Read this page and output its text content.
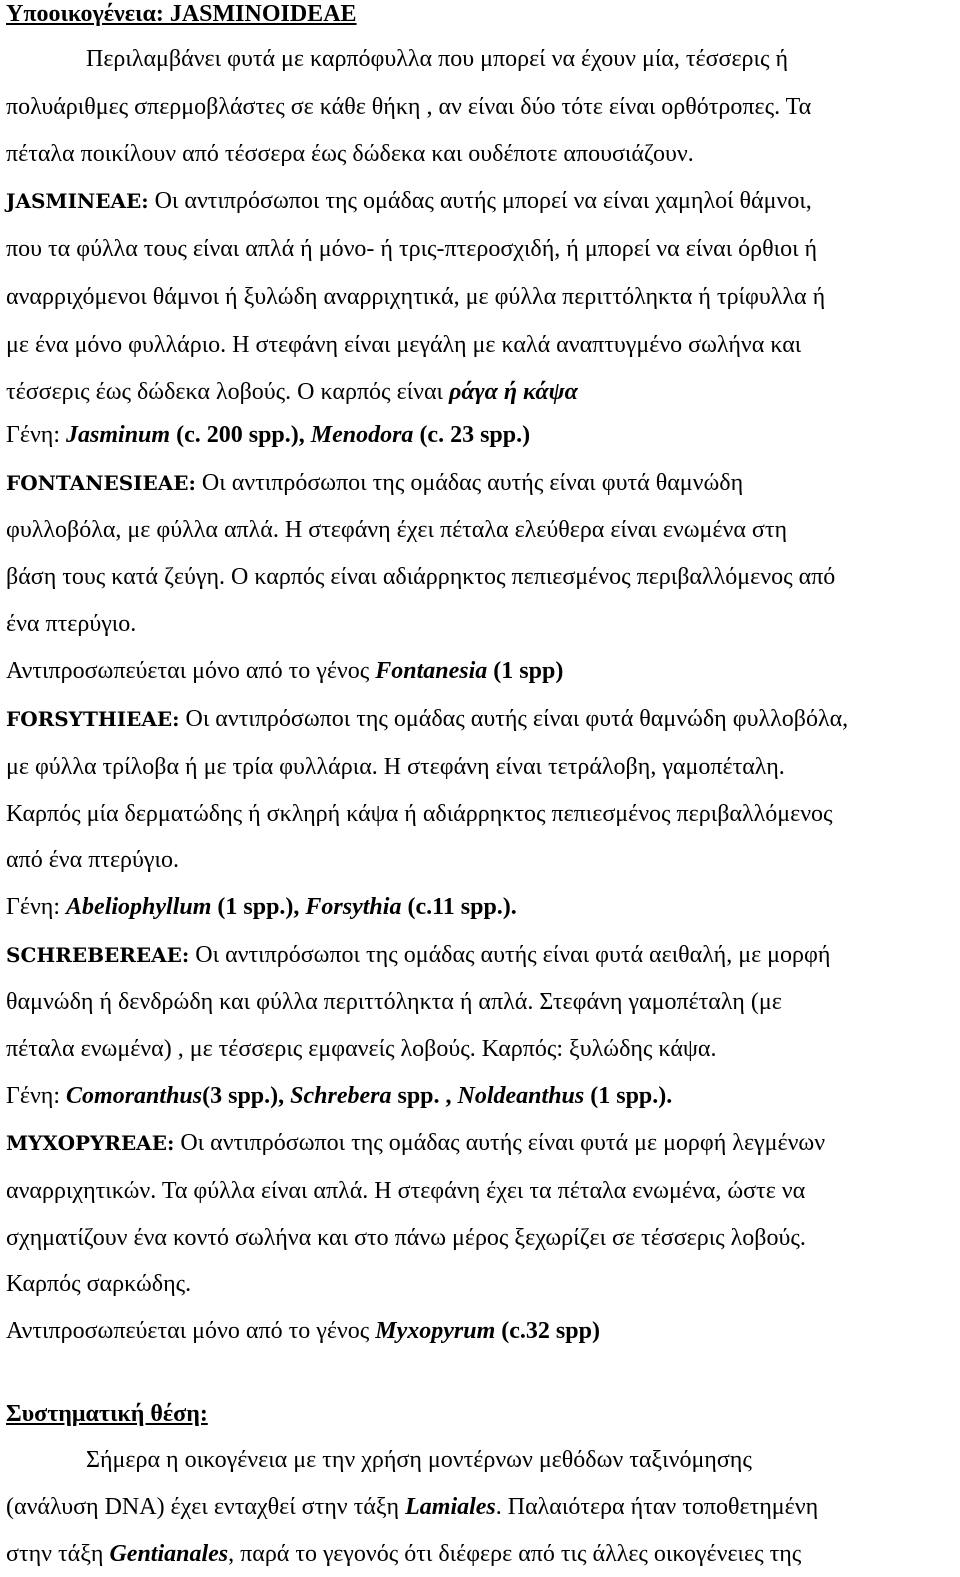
Υποοικογένεια: JASMINOIDEAE
Περιλαμβάνει φυτά με καρπόφυλλα που μπορεί να έχουν μία, τέσσερις ή
πολυάριθμες σπερμοβλάστες σε κάθε θήκη , αν είναι δύο τότε είναι ορθότροπες. Τα
πέταλα ποικίλουν από τέσσερα έως δώδεκα και ουδέποτε απουσιάζουν.
JASMINEAE: Οι αντιπρόσωποι της ομάδας αυτής μπορεί να είναι χαμηλοί θάμνοι,
που τα φύλλα τους είναι απλά ή μόνο- ή τρις-πτεροσχιδή, ή μπορεί να είναι όρθιοι ή
αναρριχόμενοι θάμνοι ή ξυλώδη αναρριχητικά, με φύλλα περιττόληκτα ή τρίφυλλα ή
με ένα μόνο φυλλάριο. Η στεφάνη είναι μεγάλη με καλά αναπτυγμένο σωλήνα και
τέσσερις έως δώδεκα λοβούς. Ο καρπός είναι ράγα ή κάψα
Γένη: Jasminum (c. 200 spp.), Menodora (c. 23 spp.)
FONTANESIEAE: Οι αντιπρόσωποι της ομάδας αυτής είναι φυτά θαμνώδη
φυλλοβόλα, με φύλλα απλά. Η στεφάνη έχει πέταλα ελεύθερα είναι ενωμένα στη
βάση τους κατά ζεύγη. Ο καρπός είναι αδιάρρηκτος πεπιεσμένος περιβαλλόμενος από
ένα πτερύγιο.
Αντιπροσωπεύεται μόνο από το γένος Fontanesia (1 spp)
FORSYTHIEAE: Οι αντιπρόσωποι της ομάδας αυτής είναι φυτά θαμνώδη φυλλοβόλα,
με φύλλα τρίλοβα ή με τρία φυλλάρια. Η στεφάνη είναι τετράλοβη, γαμοπέταλη.
Καρπός μία δερματώδης ή σκληρή κάψα ή αδιάρρηκτος πεπιεσμένος περιβαλλόμενος
από ένα πτερύγιο.
Γένη: Abeliophyllum (1 spp.), Forsythia (c.11 spp.).
SCHREBEREAE: Οι αντιπρόσωποι της ομάδας αυτής είναι φυτά αειθαλή, με μορφή
θαμνώδη ή δενδρώδη και φύλλα περιττόληκτα ή απλά. Στεφάνη γαμοπέταλη (με
πέταλα ενωμένα) , με τέσσερις εμφανείς λοβούς. Καρπός: ξυλώδης κάψα.
Γένη: Comoranthus(3 spp.), Schrebera spp. , Noldeanthus (1 spp.).
MYXOPYREAE: Οι αντιπρόσωποι της ομάδας αυτής είναι φυτά με μορφή λεγμένων
αναρριχητικών. Τα φύλλα είναι απλά. Η στεφάνη έχει τα πέταλα ενωμένα, ώστε να
σχηματίζουν ένα κοντό σωλήνα και στο πάνω μέρος ξεχωρίζει σε τέσσερις λοβούς.
Καρπός σαρκώδης.
Αντιπροσωπεύεται μόνο από το γένος Myxopyrum (c.32 spp)
Συστηματική θέση:
Σήμερα η οικογένεια με την χρήση μοντέρνων μεθόδων ταξινόμησης
(ανάλυση DNA) έχει ενταχθεί στην τάξη Lamiales. Παλαιότερα ήταν τοποθετημένη
στην τάξη Gentianales, παρά το γεγονός ότι διέφερε από τις άλλες οικογένειες της
